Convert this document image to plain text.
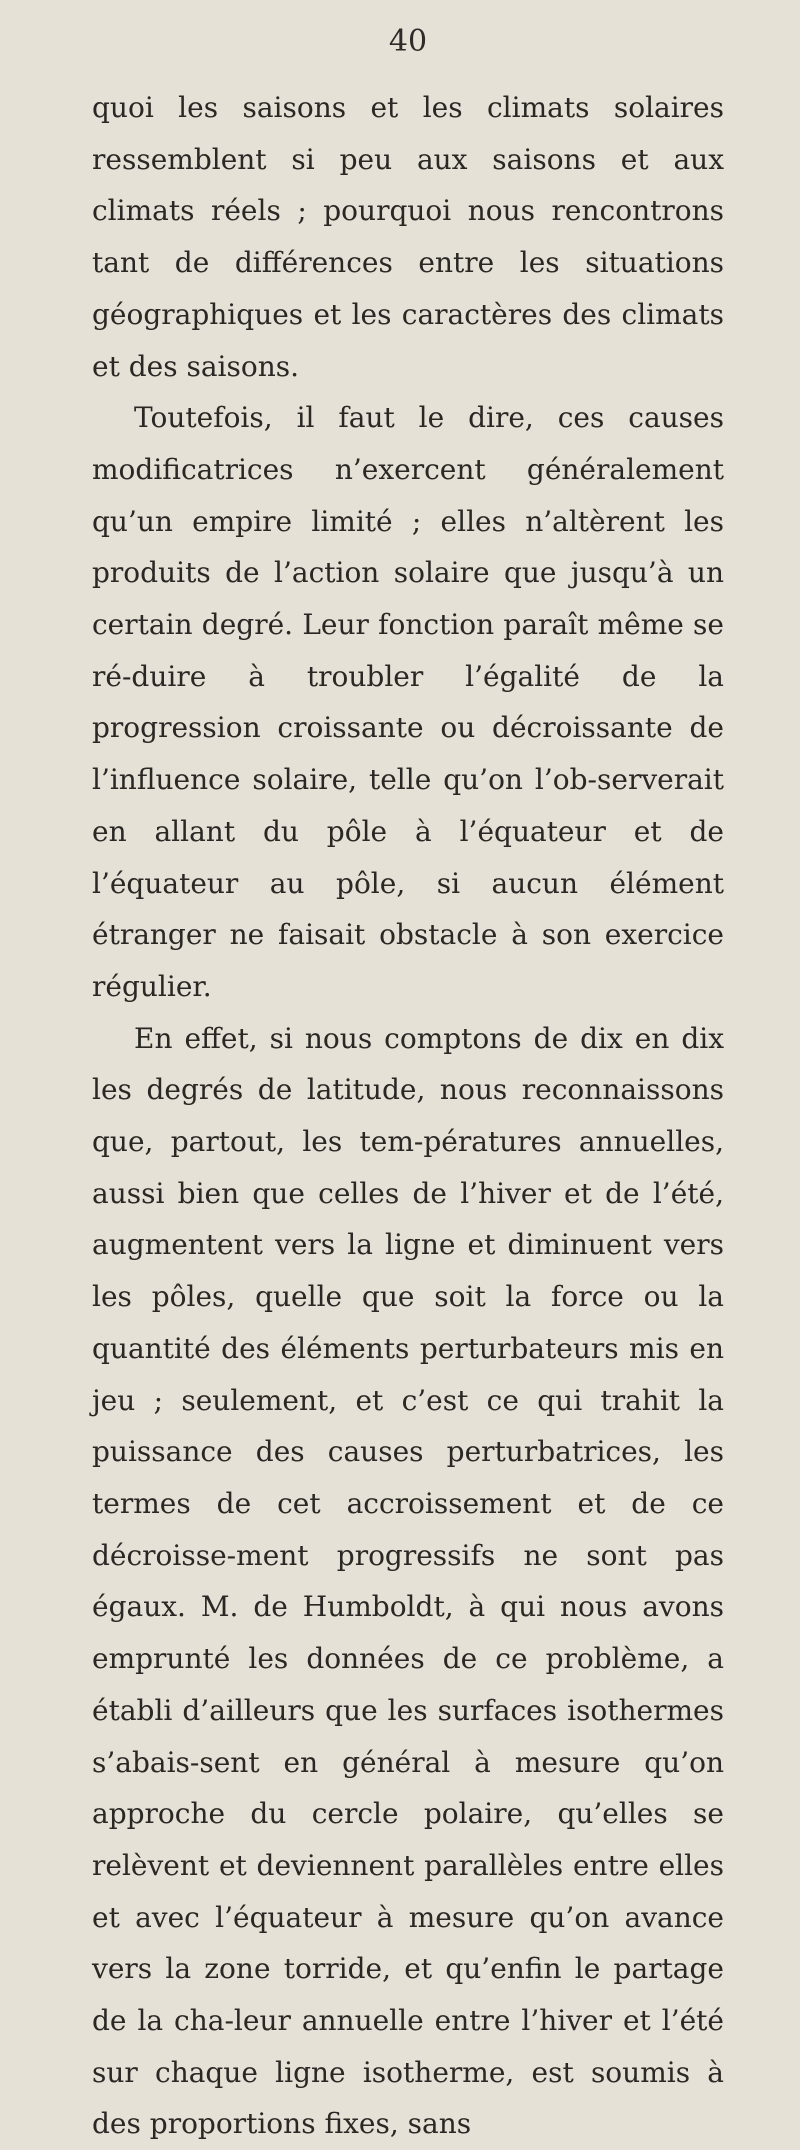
40

quoi les saisons et les climats solaires ressemblent si peu aux saisons et aux climats réels ; pourquoi nous rencontrons tant de différences entre les situations géographiques et les caractères des climats et des saisons.

Toutefois, il faut le dire, ces causes modificatrices n’exercent généralement qu’un empire limité ; elles n’altèrent les produits de l’action solaire que jusqu’à un certain degré. Leur fonction paraît même se ré-duire à troubler l’égalité de la progression croissante ou décroissante de l’influence solaire, telle qu’on l’ob-serverait en allant du pôle à l’équateur et de l’équateur au pôle, si aucun élément étranger ne faisait obstacle à son exercice régulier.

En effet, si nous comptons de dix en dix les degrés de latitude, nous reconnaissons que, partout, les tem-pératures annuelles, aussi bien que celles de l’hiver et de l’été, augmentent vers la ligne et diminuent vers les pôles, quelle que soit la force ou la quantité des éléments perturbateurs mis en jeu ; seulement, et c’est ce qui trahit la puissance des causes perturbatrices, les termes de cet accroissement et de ce décroisse-ment progressifs ne sont pas égaux. M. de Humboldt, à qui nous avons emprunté les données de ce problème, a établi d’ailleurs que les surfaces isothermes s’abais-sent en général à mesure qu’on approche du cercle polaire, qu’elles se relèvent et deviennent parallèles entre elles et avec l’équateur à mesure qu’on avance vers la zone torride, et qu’enfin le partage de la cha-leur annuelle entre l’hiver et l’été sur chaque ligne isotherme, est soumis à des proportions fixes, sans
